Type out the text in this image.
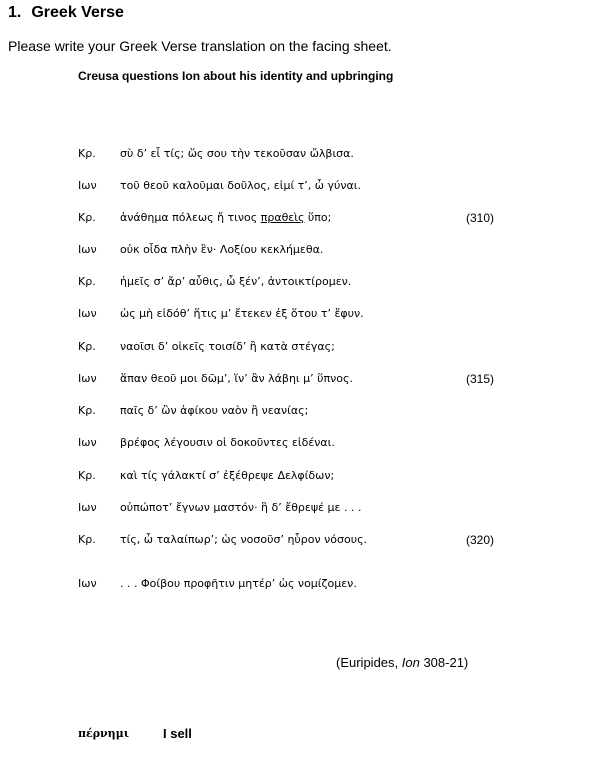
1. Greek Verse
Please write your Greek Verse translation on the facing sheet.
Creusa questions Ion about his identity and upbringing
Κρ. σὺ δ’ εἶ τίς; ὥς σου τὴν τεκοῦσαν ὤλβισα.
Ιων τοῦ θεοῦ καλοῦμαι δοῦλος, εἰμί τ’, ὦ γύναι.
Κρ. ἀνάθημα πόλεως ἤ τινος πραθεὶς ὕπο;	(310)
Ιων οὐκ οἶδα πλὴν ἓν· Λοξίου κεκλήμεθα.
Κρ. ἡμεῖς σ’ ἄρ’ αὖθις, ὦ ξέν’, ἀντοικτίρομεν.
Ιων ὡς μὴ εἰδόθ’ ἥτις μ’ ἔτεκεν ἐξ ὅτου τ’ ἔφυν.
Κρ. ναοῖσι δ’ οἰκεῖς τοισίδ’ ἢ κατὰ στέγας;
Ιων ἅπαν θεοῦ μοι δῶμ’, ἵν’ ἂν λάβηι μ’ ὕπνος.	(315)
Κρ. παῖς δ’ ὢν ἀφίκου ναὸν ἢ νεανίας;
Ιων βρέφος λέγουσιν οἱ δοκοῦντες εἰδέναι.
Κρ. καὶ τίς γάλακτί σ’ ἐξέθρεψε Δελφίδων;
Ιων οὐπώποτ’ ἔγνων μαστόν· ἣ δ’ ἔθρεψέ με . . .
Κρ. τίς, ὦ ταλαίπωρ’; ὡς νοσοῦσ’ ηὗρον νόσους.	(320)
Ιων . . . Φοίβου προφῆτιν μητέρ’ ὡς νομίζομεν.
(Euripides, Ion 308-21)
πέρνημι	I sell
